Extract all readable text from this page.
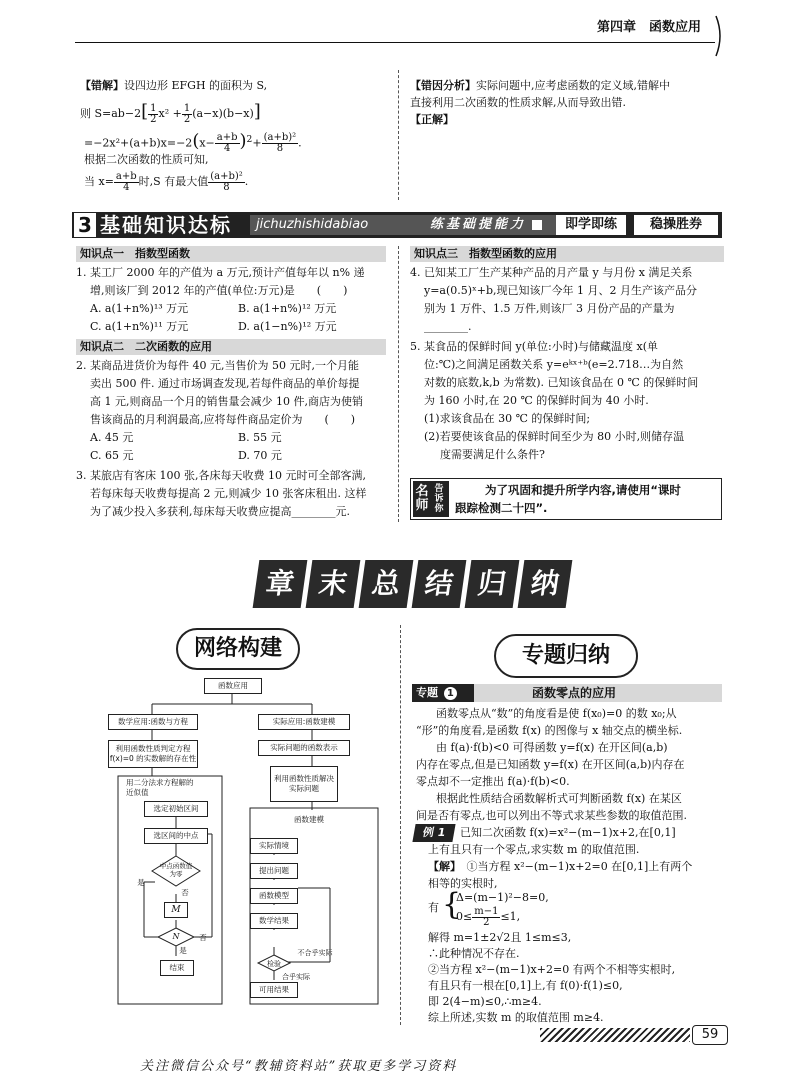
第四章　 函数应用
【错解】设四边形 EFGH 的面积为 S,
则 $S=ab-2[ \frac{1}{2} x^2 + \frac{1}{2} (a-x)(b-x)]$
$=-2x^2+(a+b)x=-2(x- \frac{a+b}{4} )^2+ \frac{\text{(a+b)²}}{8}$ .
根据二次函数的性质可知,
当 $x= \frac{a+b}{4}$ 时,S 有最大值 $\frac{\text{(a+b)²}}{8}$ .
【错因分析】实际问题中,应考虑函数的定义域,错解中
直接利用二次函数的性质求解,从而导致出错.
【正解】
3 基础知识达标	jichuzhishidabiao	练基础提能力	即学即练	稳操胜券
知识点一　指数型函数
1. 某工厂 2000 年的产值为 a 万元,预计产值每年以 n% 递
增,则该厂到 2012 年的产值(单位:万元)是　　(　　)
A. a(1+n%)¹³ 万元	B. a(1+n%)¹² 万元
C. a(1+n%)¹¹ 万元	D. a(1−n%)¹² 万元
知识点二　二次函数的应用
2. 某商品进货价为每件 40 元,当售价为 50 元时,一个月能
卖出 500 件. 通过市场调查发现,若每件商品的单价每提
高 1 元,则商品一个月的销售量会减少 10 件,商店为使销
售该商品的月利润最高,应将每件商品定价为　　(　　)
A. 45 元	B. 55 元
C. 65 元	D. 70 元
3. 某旅店有客床 100 张,各床每天收费 10 元时可全部客满,
若每床每天收费每提高 2 元,则减少 10 张客床租出. 这样
为了减少投入多获利,每床每天收费应提高________元.
知识点三　指数型函数的应用
4. 已知某工厂生产某种产品的月产量 y 与月份 x 满足关系
y=a(0.5)ˣ+b,现已知该厂今年 1 月、2 月生产该产品分
别为 1 万件、1.5 万件,则该厂 3 月份产品的产量为
________.
5. 某食品的保鲜时间 y(单位:小时)与储藏温度 x(单
位:℃)之间满足函数关系 y=eᵏˣ⁺ᵇ(e=2.718…为自然
对数的底数,k,b 为常数). 已知该食品在 0 ℃ 的保鲜时间
为 160 小时,在 20 ℃ 的保鲜时间为 40 小时.
(1)求该食品在 30 ℃ 的保鲜时间;
(2)若要使该食品的保鲜时间至少为 80 小时,则储存温
度需要满足什么条件?
名师
告诉你
为了巩固和提升所学内容,请使用“课时
跟踪检测二十四”.
章 末 总 结 归 纳
网络构建	专题归纳
函数应用
数学应用:函数与方程
利用函数性质判定方程 f(x)=0 的实数解的存在性
用二分法求方程解的近似值
选定初始区间
选区间的中点
中点函数值为零
是
否
M
N	否
是
结束
实际应用:函数建模
实际问题的函数表示
利用函数性质解决实际问题
函数建模
实际情境
提出问题
函数模型
数学结果
检验
不合乎实际
合乎实际
可用结果
专题 1	函数零点的应用
函数零点从“数”的角度看是使 f(x₀)=0 的数 x₀;从
“形”的角度看,是函数 f(x) 的图像与 x 轴交点的横坐标.
由 f(a)·f(b)<0 可得函数 y=f(x) 在开区间(a,b)
内存在零点,但是已知函数 y=f(x) 在开区间(a,b)内存在
零点却不一定推出 f(a)·f(b)<0.
根据此性质结合函数解析式可判断函数 f(x) 在某区
间是否有零点,也可以列出不等式求某些参数的取值范围.
例 1	已知二次函数 f(x)=x²−(m−1)x+2,在[0,1]
上有且只有一个零点,求实数 m 的取值范围.
【解】　 ①当方程 x²−(m−1)x+2=0 在[0,1]上有两个
相等的实根时,
有 {
Δ=(m−1)²−8=0,
$0\le \frac{m-1}{2} \le 1$,
解得 m=1±2√2且 1≤m≤3,
∴此种情况不存在.
②当方程 x²−(m−1)x+2=0 有两个不相等实根时,
有且只有一根在[0,1]上,有 f(0)·f(1)≤0,
即 2(4−m)≤0,∴m≥4.
综上所述,实数 m 的取值范围 m≥4.
59
关注微信公众号“教辅资料站”获取更多学习资料
